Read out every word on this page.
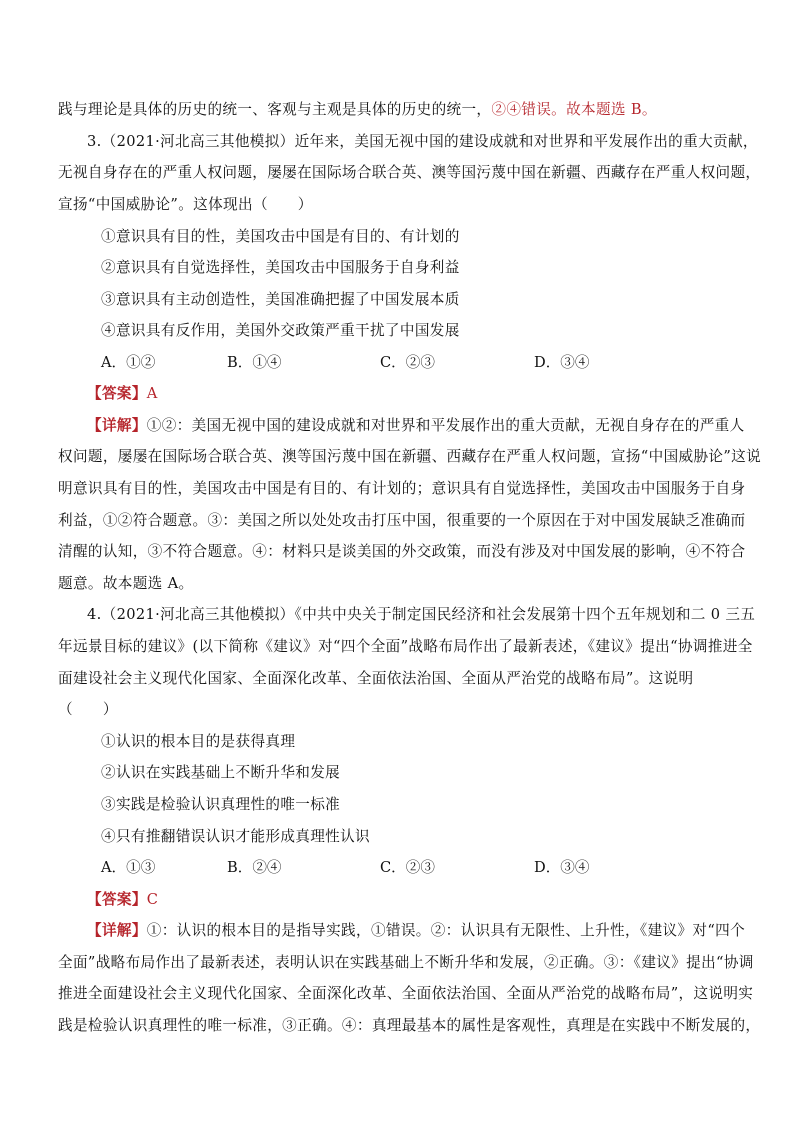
践与理论是具体的历史的统一、客观与主观是具体的历史的统一，②④错误。故本题选 B。
3.（2021·河北高三其他模拟）近年来，美国无视中国的建设成就和对世界和平发展作出的重大贡献，
无视自身存在的严重人权问题，屡屡在国际场合联合英、澳等国污蔑中国在新疆、西藏存在严重人权问题，
宣扬“中国威胁论”。这体现出（　　）
①意识具有目的性，美国攻击中国是有目的、有计划的
②意识具有自觉选择性，美国攻击中国服务于自身利益
③意识具有主动创造性，美国准确把握了中国发展本质
④意识具有反作用，美国外交政策严重干扰了中国发展
A．①②	B．①④	C．②③	D．③④
【答案】A
【详解】①②：美国无视中国的建设成就和对世界和平发展作出的重大贡献，无视自身存在的严重人
权问题，屡屡在国际场合联合英、澳等国污蔑中国在新疆、西藏存在严重人权问题，宣扬“中国威胁论”这说
明意识具有目的性，美国攻击中国是有目的、有计划的；意识具有自觉选择性，美国攻击中国服务于自身
利益，①②符合题意。③：美国之所以处处攻击打压中国，很重要的一个原因在于对中国发展缺乏准确而
清醒的认知，③不符合题意。④：材料只是谈美国的外交政策，而没有涉及对中国发展的影响，④不符合
题意。故本题选 A。
4.（2021·河北高三其他模拟）《中共中央关于制定国民经济和社会发展第十四个五年规划和二 0 三五
年远景目标的建议》(以下简称《建议》对“四个全面”战略布局作出了最新表述，《建议》提出“协调推进全
面建设社会主义现代化国家、全面深化改革、全面依法治国、全面从严治党的战略布局”。这说明
（　　）
①认识的根本目的是获得真理
②认识在实践基础上不断升华和发展
③实践是检验认识真理性的唯一标准
④只有推翻错误认识才能形成真理性认识
A．①③	B．②④	C．②③	D．③④
【答案】C
【详解】①：认识的根本目的是指导实践，①错误。②：认识具有无限性、上升性，《建议》对“四个
全面”战略布局作出了最新表述，表明认识在实践基础上不断升华和发展，②正确。③：《建议》提出“协调
推进全面建设社会主义现代化国家、全面深化改革、全面依法治国、全面从严治党的战略布局”，这说明实
践是检验认识真理性的唯一标准，③正确。④：真理最基本的属性是客观性，真理是在实践中不断发展的，
